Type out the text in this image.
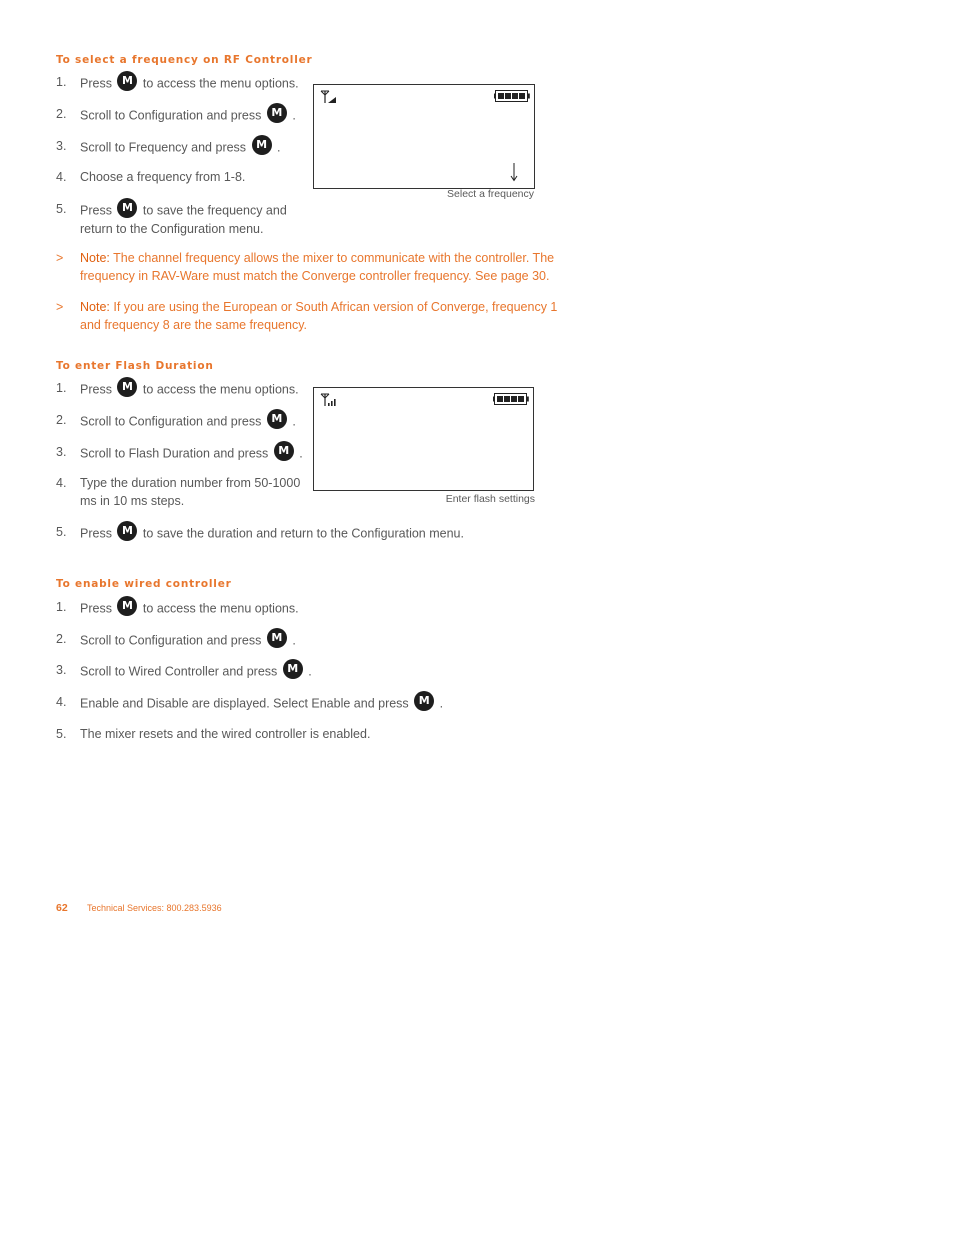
To select a frequency on RF Controller
1. Press M to access the menu options.
2. Scroll to Configuration and press M .
3. Scroll to Frequency and press M .
4. Choose a frequency from 1-8.
5. Press M to save the frequency and
return to the Configuration menu.
Select a frequency
> Note: The channel frequency allows the mixer to communicate with the controller. The
frequency in RAV-Ware must match the Converge controller frequency. See page 30.
> Note: If you are using the European or South African version of Converge, frequency 1
and frequency 8 are the same frequency.
To enter Flash Duration
1. Press M to access the menu options.
2. Scroll to Configuration and press M .
3. Scroll to Flash Duration and press M .
4. Type the duration number from 50-1000
ms in 10 ms steps.
5. Press M to save the duration and return to the Configuration menu.
Enter flash settings
To enable wired controller
1. Press M to access the menu options.
2. Scroll to Configuration and press M .
3. Scroll to Wired Controller and press M .
4. Enable and Disable are displayed. Select Enable and press M .
5. The mixer resets and the wired controller is enabled.
62 Technical Services: 800.283.5936
